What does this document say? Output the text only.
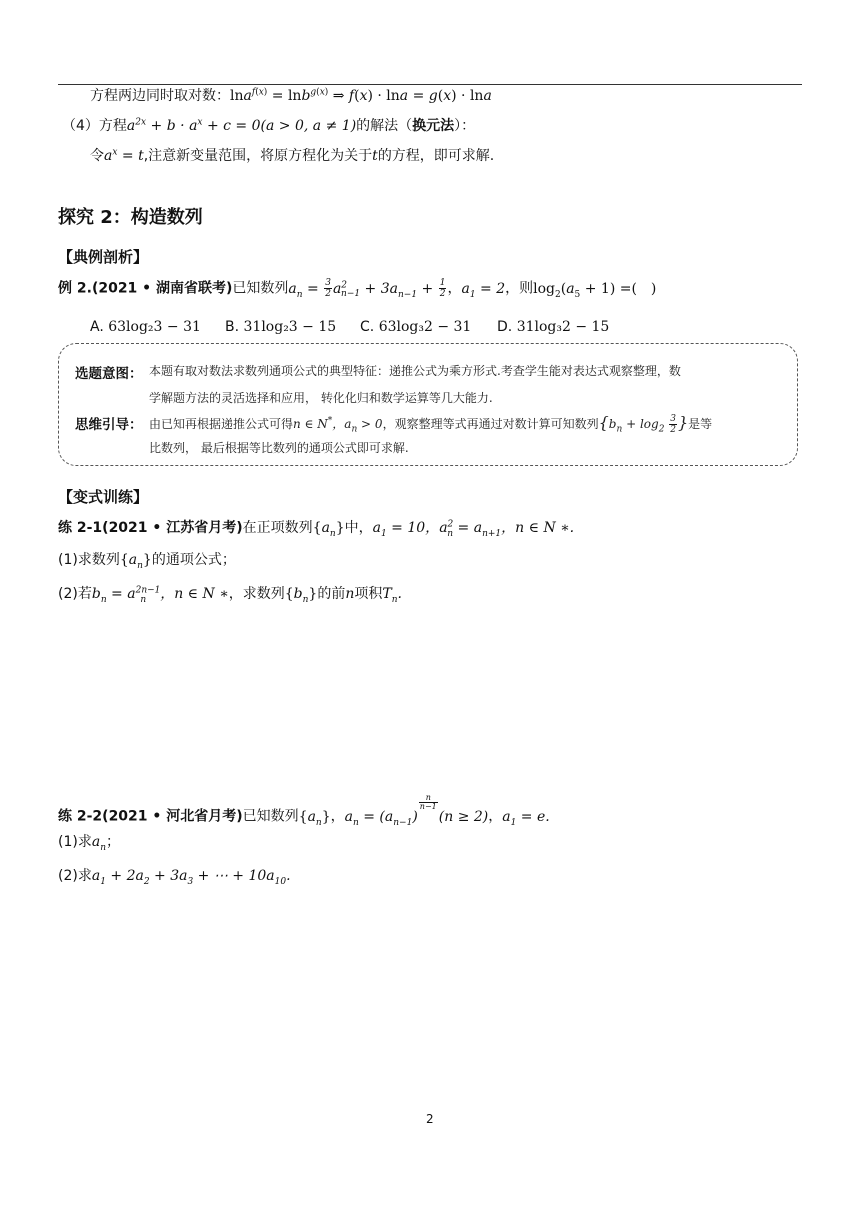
方程两边同时取对数：lna$^{f(x)}$ = lnb$^{g(x)}$ ⇒ f(x) · lna = g(x) · lna
（4）方程$a^{2x} + b \cdot a^x + c = 0(a > 0$, a ≠ 1)的解法（换元法）：
令$a^x = t$,注意新变量范围，将原方程化为关于t的方程，即可求解.
探究 2：构造数列
【典例剖析】
例 2.(2021 • 湖南省联考)已知数列$a_n = \frac{3}{2} a^2_{n-1} + 3a_{n-1} + \frac{1}{2}$ ，$a_1 = 2$，则$\log_2(a_5 + 1)$ =(　)
A. 63log₂3 − 31 B. 31log₂3 − 15 C. 63log₃2 − 31 D. 31log₃2 − 15
选题意图： 本题有取对数法求数列通项公式的典型特征：递推公式为乘方形式.考查学生能对表达式观察整理，数
学解题方法的灵活选择和应用， 转化化归和数学运算等几大能力.
思维引导： 由已知再根据递推公式可得n ∈ N*，$a_n > 0$，观察整理等式再通过对数计算可知数列{$b_n + \log_2 \frac{3}{2}$ }是等
比数列， 最后根据等比数列的通项公式即可求解.
【变式训练】
练 2-1(2021 • 江苏省月考)在正项数列$\{a_n\}$中，$a_1 = 10$，$a^2_n = a_{n+1}$，n ∈ N ∗.
(1)求数列$\{a_n\}$的通项公式；
(2)若$b_n = a^{2n-1}_n$ ，n ∈ N ∗，求数列$\{b_n\}$的前n项积$T_n$.
练 2-2(2021 • 河北省月考)已知数列$\{a_n\}$，$a_n = (a_{n-1})$
$^{\frac{n}{n-1}}$
(n ≥ 2)，$a_1 = e$.
(1)求$a_n$；
(2)求$a_1 + 2a_2 + 3a_3$ + ⋯ + $10a_{10}$.
2
